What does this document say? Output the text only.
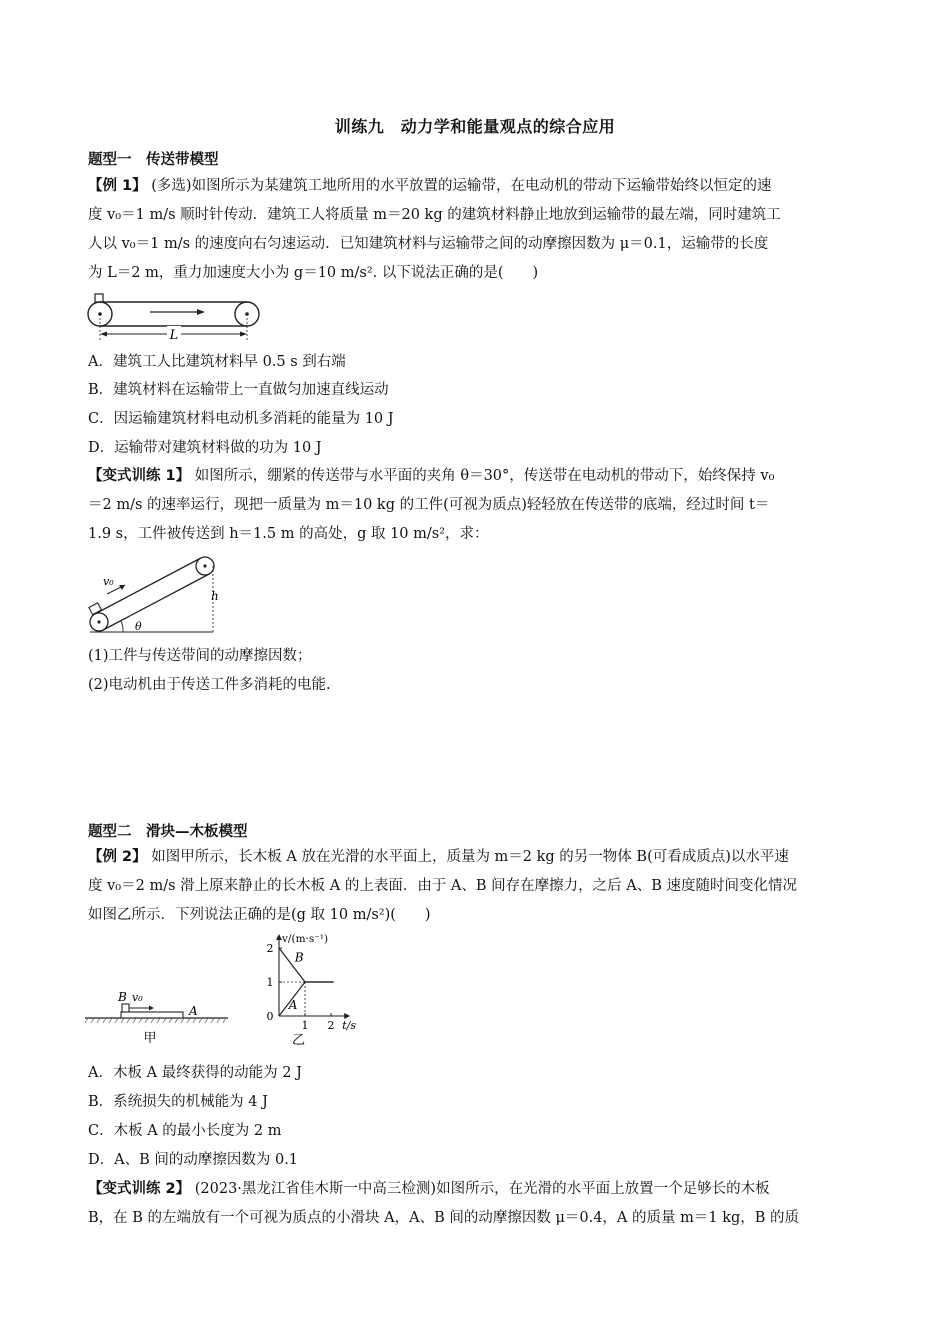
训练九　动力学和能量观点的综合应用
题型一　传送带模型
【例 1】 (多选)如图所示为某建筑工地所用的水平放置的运输带，在电动机的带动下运输带始终以恒定的速
度 v₀＝1 m/s 顺时针传动．建筑工人将质量 m＝20 kg 的建筑材料静止地放到运输带的最左端，同时建筑工
人以 v₀＝1 m/s 的速度向右匀速运动．已知建筑材料与运输带之间的动摩擦因数为 μ＝0.1，运输带的长度
为 L＝2 m，重力加速度大小为 g＝10 m/s². 以下说法正确的是(　　)
L
A．建筑工人比建筑材料早 0.5 s 到右端
B．建筑材料在运输带上一直做匀加速直线运动
C．因运输建筑材料电动机多消耗的能量为 10 J
D．运输带对建筑材料做的功为 10 J
【变式训练 1】 如图所示，绷紧的传送带与水平面的夹角 θ＝30°，传送带在电动机的带动下，始终保持 v₀
＝2 m/s 的速率运行，现把一质量为 m＝10 kg 的工件(可视为质点)轻轻放在传送带的底端，经过时间 t＝
1.9 s，工件被传送到 h＝1.5 m 的高处，g 取 10 m/s²，求：
v₀
h
θ
(1)工件与传送带间的动摩擦因数；
(2)电动机由于传送工件多消耗的电能.
题型二　滑块—木板模型
【例 2】 如图甲所示，长木板 A 放在光滑的水平面上，质量为 m＝2 kg 的另一物体 B(可看成质点)以水平速
度 v₀＝2 m/s 滑上原来静止的长木板 A 的上表面．由于 A、B 间存在摩擦力，之后 A、B 速度随时间变化情况
如图乙所示．下列说法正确的是(g 取 10 m/s²)(　　)
B v₀
A
甲
2
1
0
1 2
v/(m·s⁻¹)
t/s
B
A
乙
A．木板 A 最终获得的动能为 2 J
B．系统损失的机械能为 4 J
C．木板 A 的最小长度为 2 m
D．A、B 间的动摩擦因数为 0.1
【变式训练 2】 (2023·黑龙江省佳木斯一中高三检测)如图所示，在光滑的水平面上放置一个足够长的木板
B，在 B 的左端放有一个可视为质点的小滑块 A，A、B 间的动摩擦因数 μ＝0.4，A 的质量 m＝1 kg，B 的质
